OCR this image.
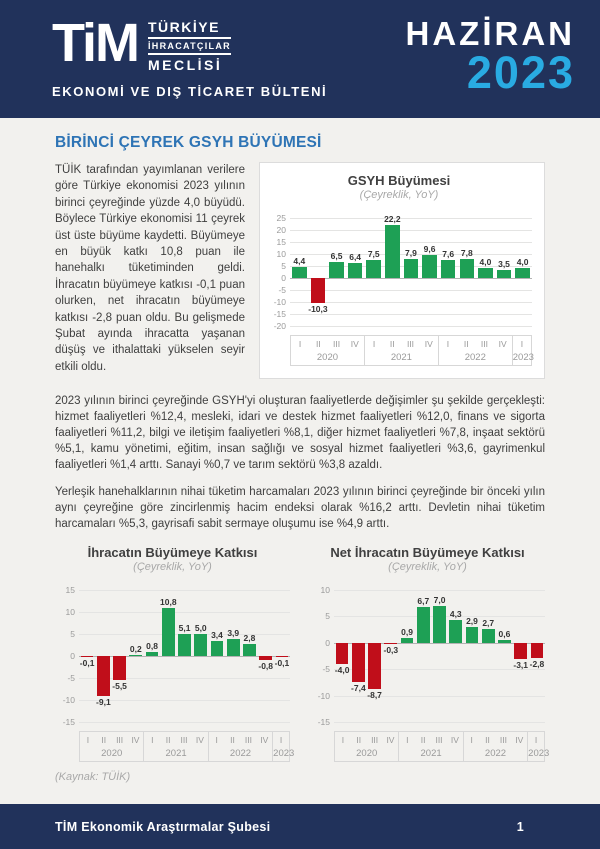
TiM TÜRKİYE
İHRACATÇILAR
MECLİSİ
EKONOMİ VE DIŞ TİCARET BÜLTENİ
HAZİRAN
2023
BİRİNCİ ÇEYREK GSYH BÜYÜMESİ

TÜİK tarafından yayımlanan verilere göre Türkiye ekonomisi 2023 yılının birinci çeyreğinde yüzde 4,0 büyüdü. Böylece Türkiye ekonomisi 11 çeyrek üst üste büyüme kaydetti. Büyümeye en büyük katkı 10,8 puan ile hanehalkı tüketiminden geldi. İhracatın büyümeye katkısı -0,1 puan olurken, net ihracatın büyümeye katkısı -2,8 puan oldu. Bu gelişmede Şubat ayında ihracatta yaşanan düşüş ve ithalattaki yükselen seyir etkili oldu.

GSYH Büyümesi
(Çeyreklik, YoY)
25
20
15
10
5
0
-5
-10
-15
-20
4,4
-10,3
6,5 6,4 7,5
22,2
7,9 9,6 7,6 7,8
4,0 3,5 4,0
I	II	III	IV
2020
I	II	III	IV
2021
I	II	III	IV
2022
I
2023

2023 yılının birinci çeyreğinde GSYH'yi oluşturan faaliyetlerde değişimler şu şekilde gerçekleşti: hizmet faaliyetleri %12,4, mesleki, idari ve destek hizmet faaliyetleri %12,0, finans ve sigorta faaliyetleri %11,2, bilgi ve iletişim faaliyetleri %8,1, diğer hizmet faaliyetleri %7,8, inşaat sektörü %5,1, kamu yönetimi, eğitim, insan sağlığı ve sosyal hizmet faaliyetleri %3,6, gayrimenkul faaliyetleri %1,4 arttı. Sanayi %0,7 ve tarım sektörü %3,8 azaldı.

Yerleşik hanehalklarının nihai tüketim harcamaları 2023 yılının birinci çeyreğinde bir önceki yılın aynı çeyreğine göre zincirlenmiş hacim endeksi olarak %16,2 arttı. Devletin nihai tüketim harcamaları %5,3, gayrisafi sabit sermaye oluşumu ise %4,9 arttı.

İhracatın Büyümeye Katkısı
(Çeyreklik, YoY)
15
10
5
0
-5
-10
-15
-0,1
-9,1
-5,5
0,2 0,8
10,8
5,1 5,0
3,4 3,9 2,8
-0,8 -0,1
I	II	III IV
2020
I	II	III IV
2021
I	II	III IV
2022
I
2023
Net İhracatın Büyümeye Katkısı
(Çeyreklik, YoY)
10
5
0
-5
-10
-15
-4,0
-7,4
-8,7
-0,3
0,9
6,7 7,0
4,3
2,9 2,7
0,6
-3,1 -2,8
I	II	III IV
2020
I	II	III IV
2021
I	II	III IV
2022
I
2023
(Kaynak: TÜİK)
TİM Ekonomik Araştırmalar Şubesi	1
